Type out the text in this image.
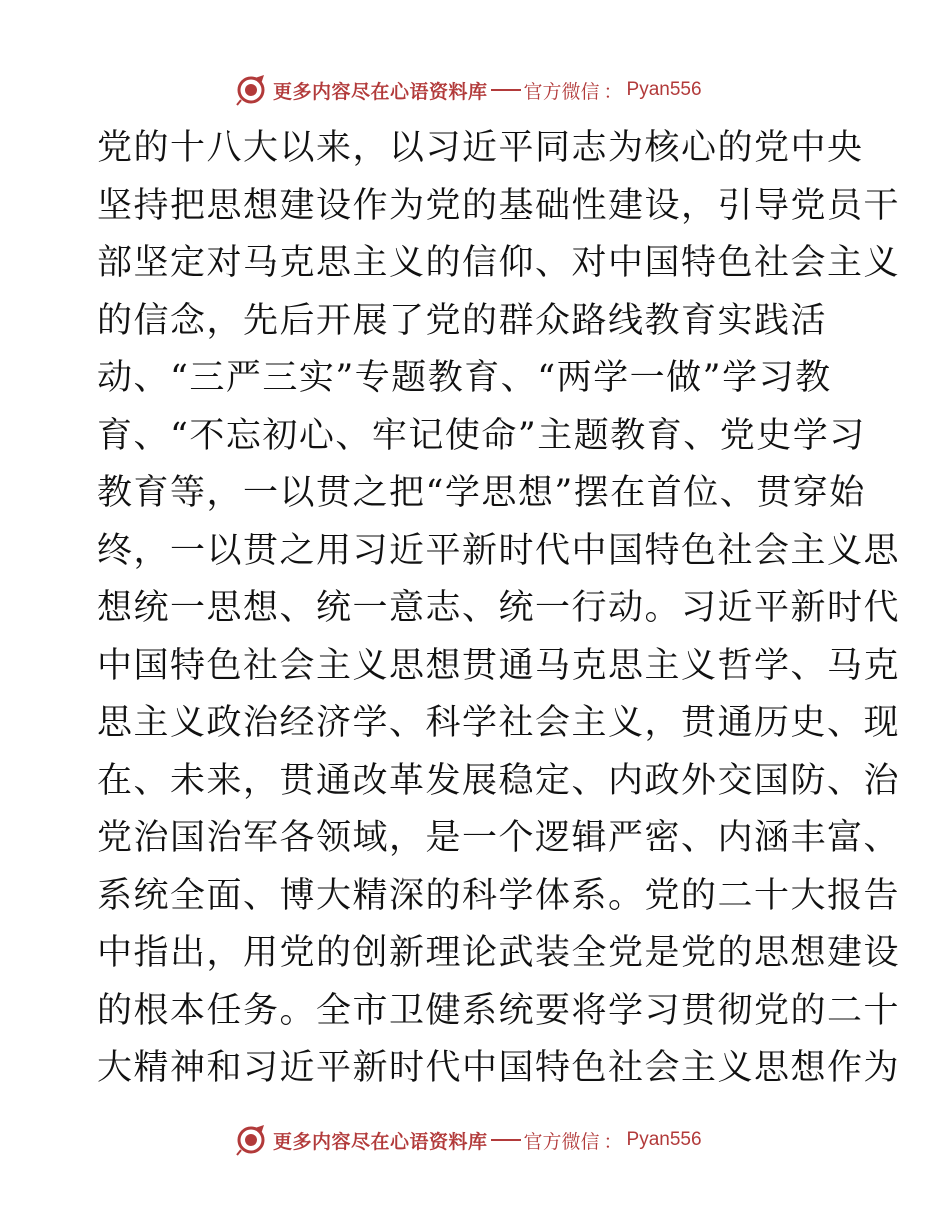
更多内容尽在心语资料库 官方微信 ： Pyan556
党的十八大以来，以习近平同志为核心的党中央
坚持把思想建设作为党的基础性建设，引导党员干
部坚定对马克思主义的信仰、对中国特色社会主义
的信念，先后开展了党的群众路线教育实践活
动、“三严三实”专题教育、“两学一做”学习教
育、“不忘初心、牢记使命”主题教育、党史学习
教育等，一以贯之把“学思想”摆在首位、贯穿始
终，一以贯之用习近平新时代中国特色社会主义思
想统一思想、统一意志、统一行动。习近平新时代
中国特色社会主义思想贯通马克思主义哲学、马克
思主义政治经济学、科学社会主义，贯通历史、现
在、未来，贯通改革发展稳定、内政外交国防、治
党治国治军各领域，是一个逻辑严密、内涵丰富、
系统全面、博大精深的科学体系。党的二十大报告
中指出，用党的创新理论武装全党是党的思想建设
的根本任务。全市卫健系统要将学习贯彻党的二十
大精神和习近平新时代中国特色社会主义思想作为
更多内容尽在心语资料库 官方微信 ： Pyan556
